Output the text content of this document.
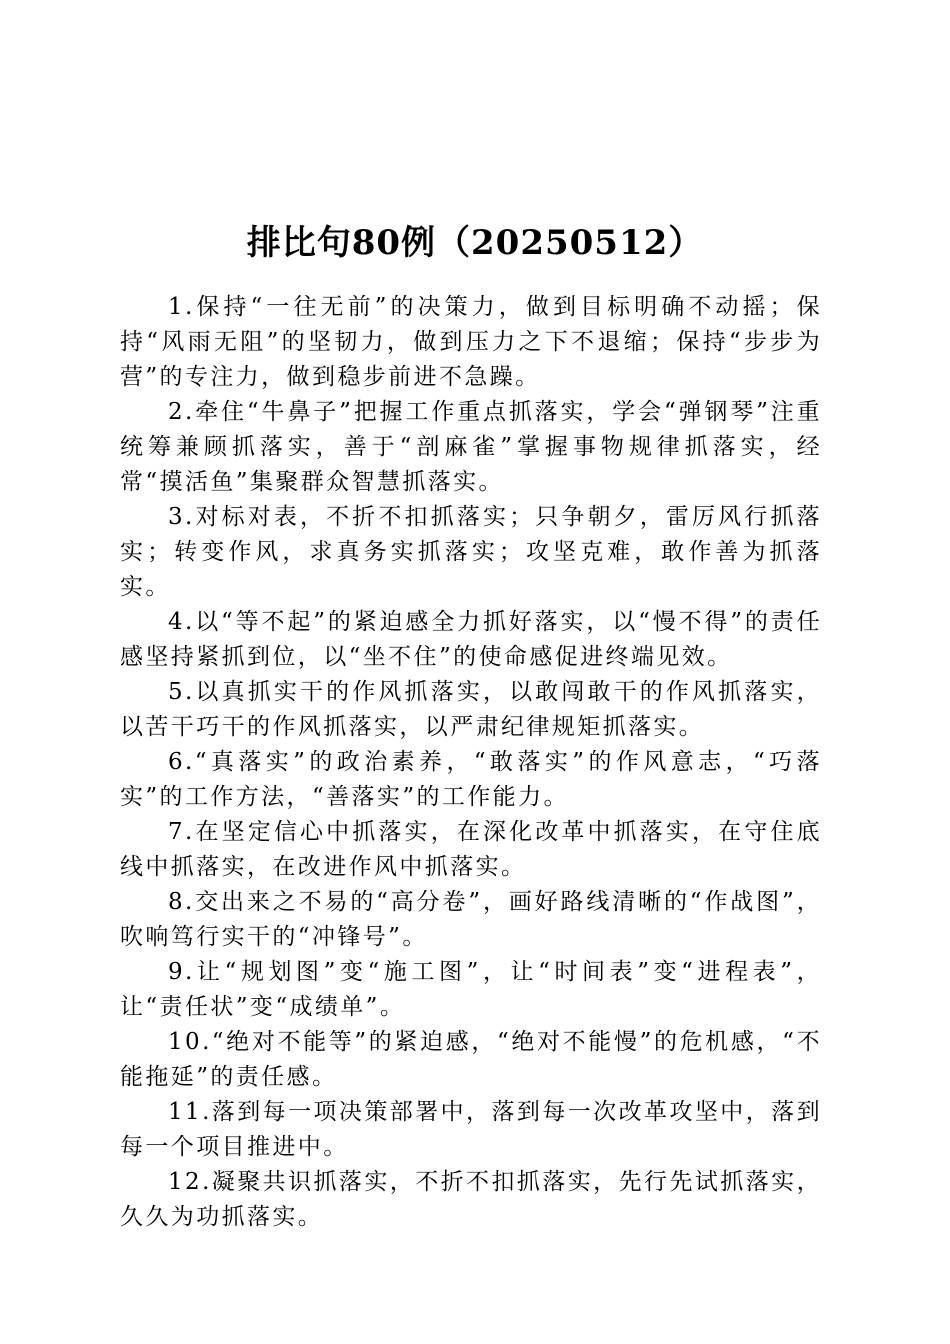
排比句80例（20250512）

1.保持“一往无前”的决策力，做到目标明确不动摇；保持“风雨无阻”的坚韧力，做到压力之下不退缩；保持“步步为营”的专注力，做到稳步前进不急躁。

2.牵住“牛鼻子”把握工作重点抓落实，学会“弹钢琴”注重统筹兼顾抓落实，善于“剖麻雀”掌握事物规律抓落实，经常“摸活鱼”集聚群众智慧抓落实。

3.对标对表，不折不扣抓落实；只争朝夕，雷厉风行抓落实；转变作风，求真务实抓落实；攻坚克难，敢作善为抓落实。

4.以“等不起”的紧迫感全力抓好落实，以“慢不得”的责任感坚持紧抓到位，以“坐不住”的使命感促进终端见效。

5.以真抓实干的作风抓落实，以敢闯敢干的作风抓落实，以苦干巧干的作风抓落实，以严肃纪律规矩抓落实。

6.“真落实”的政治素养，“敢落实”的作风意志，“巧落实”的工作方法，“善落实”的工作能力。

7.在坚定信心中抓落实，在深化改革中抓落实，在守住底线中抓落实，在改进作风中抓落实。

8.交出来之不易的“高分卷”，画好路线清晰的“作战图”，吹响笃行实干的“冲锋号”。

9.让“规划图”变“施工图”，让“时间表”变“进程表”，让“责任状”变“成绩单”。

10.“绝对不能等”的紧迫感，“绝对不能慢”的危机感，“不能拖延”的责任感。

11.落到每一项决策部署中，落到每一次改革攻坚中，落到每一个项目推进中。

12.凝聚共识抓落实，不折不扣抓落实，先行先试抓落实，久久为功抓落实。
